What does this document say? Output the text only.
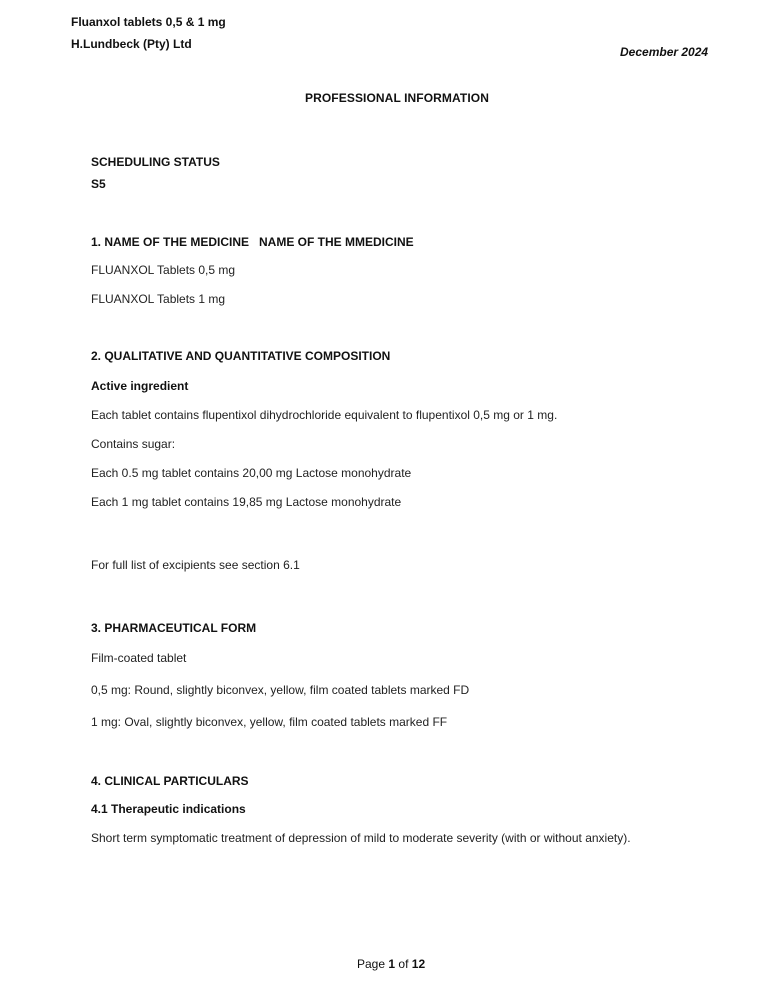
Fluanxol tablets 0,5 & 1 mg
H.Lundbeck (Pty) Ltd
December 2024
PROFESSIONAL INFORMATION
SCHEDULING STATUS
S5
1. NAME OF THE MEDICINE NAME OF THE MMEDICINE
FLUANXOL Tablets 0,5 mg
FLUANXOL Tablets 1 mg
2. QUALITATIVE AND QUANTITATIVE COMPOSITION
Active ingredient
Each tablet contains flupentixol dihydrochloride equivalent to flupentixol 0,5 mg or 1 mg.
Contains sugar:
Each 0.5 mg tablet contains 20,00 mg Lactose monohydrate
Each 1 mg tablet contains 19,85 mg Lactose monohydrate
For full list of excipients see section 6.1
3. PHARMACEUTICAL FORM
Film-coated tablet
0,5 mg: Round, slightly biconvex, yellow, film coated tablets marked FD
1 mg: Oval, slightly biconvex, yellow, film coated tablets marked FF
4. CLINICAL PARTICULARS
4.1 Therapeutic indications
Short term symptomatic treatment of depression of mild to moderate severity (with or without anxiety).
Page 1 of 12
